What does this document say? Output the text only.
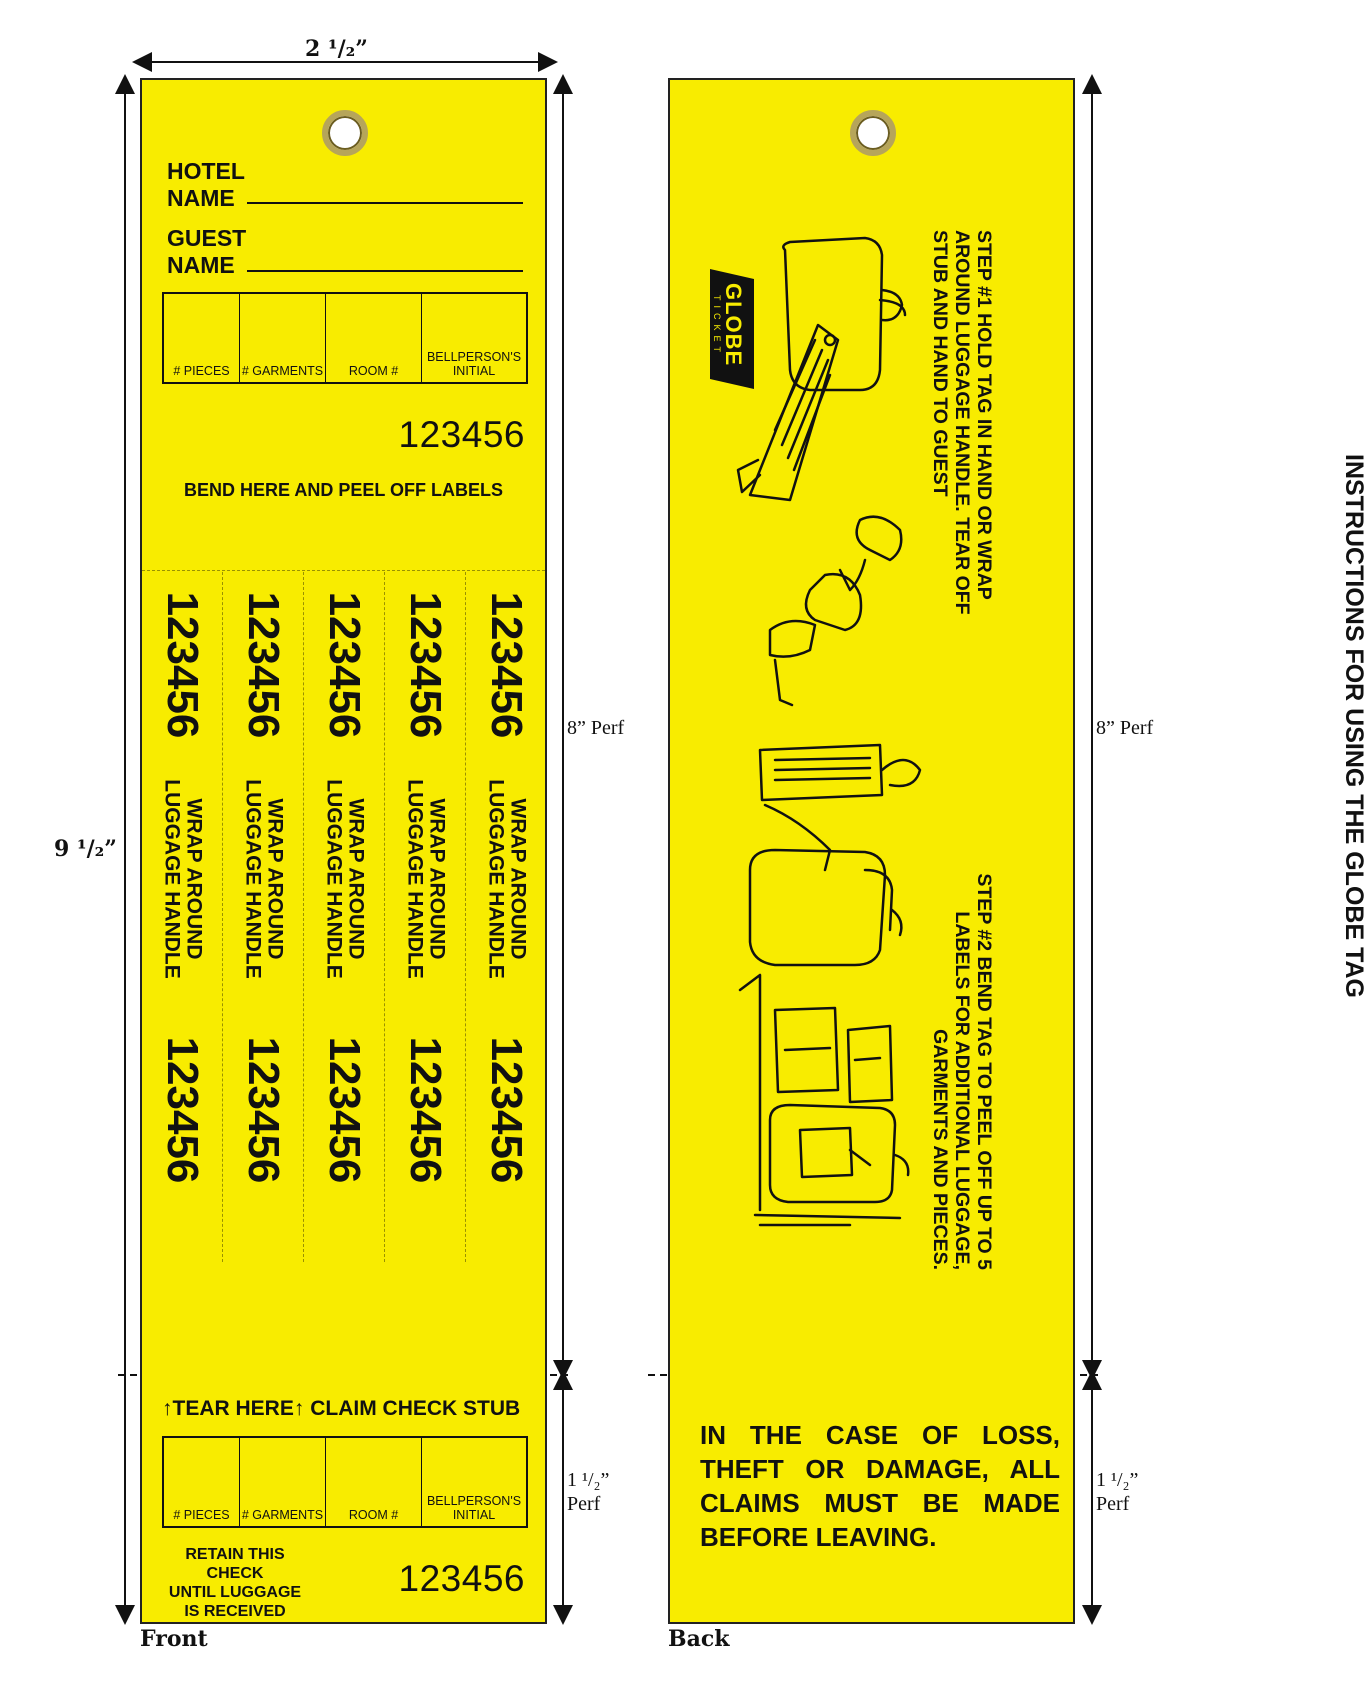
2 ¹/₂”
9 ¹/₂”
8” Perf
1 ¹/₂”
Perf
8” Perf
1 ¹/₂”
Perf
Front	Back
HOTEL
NAME
GUEST
NAME
# PIECES # GARMENTS	ROOM #
BELLPERSON'S
INITIAL
123456
BEND HERE AND PEEL OFF LABELS
123456
WRAP AROUND
LUGGAGE HANDLE
123456
123456
WRAP AROUND
LUGGAGE HANDLE
123456
123456
WRAP AROUND
LUGGAGE HANDLE
123456
123456
WRAP AROUND
LUGGAGE HANDLE
123456
123456
WRAP AROUND
LUGGAGE HANDLE
123456
↑TEAR HERE↑ CLAIM CHECK STUB
# PIECES # GARMENTS	ROOM #
BELLPERSON'S
INITIAL
RETAIN THIS CHECK
UNTIL LUGGAGE
IS RECEIVED
123456
INSTRUCTIONS FOR USING THE GLOBE TAG
STEP #1 HOLD TAG IN HAND OR WRAP
AROUND LUGGAGE HANDLE. TEAR OFF
STUB AND HAND TO GUEST
STEP #2 BEND TAG TO PEEL OFF UP TO 5
LABELS FOR ADDITIONAL LUGGAGE,
GARMENTS AND PIECES.
GLOBE
TICKET
IN THE CASE OF LOSS,
THEFT OR DAMAGE, ALL
CLAIMS MUST BE MADE
BEFORE LEAVING.
